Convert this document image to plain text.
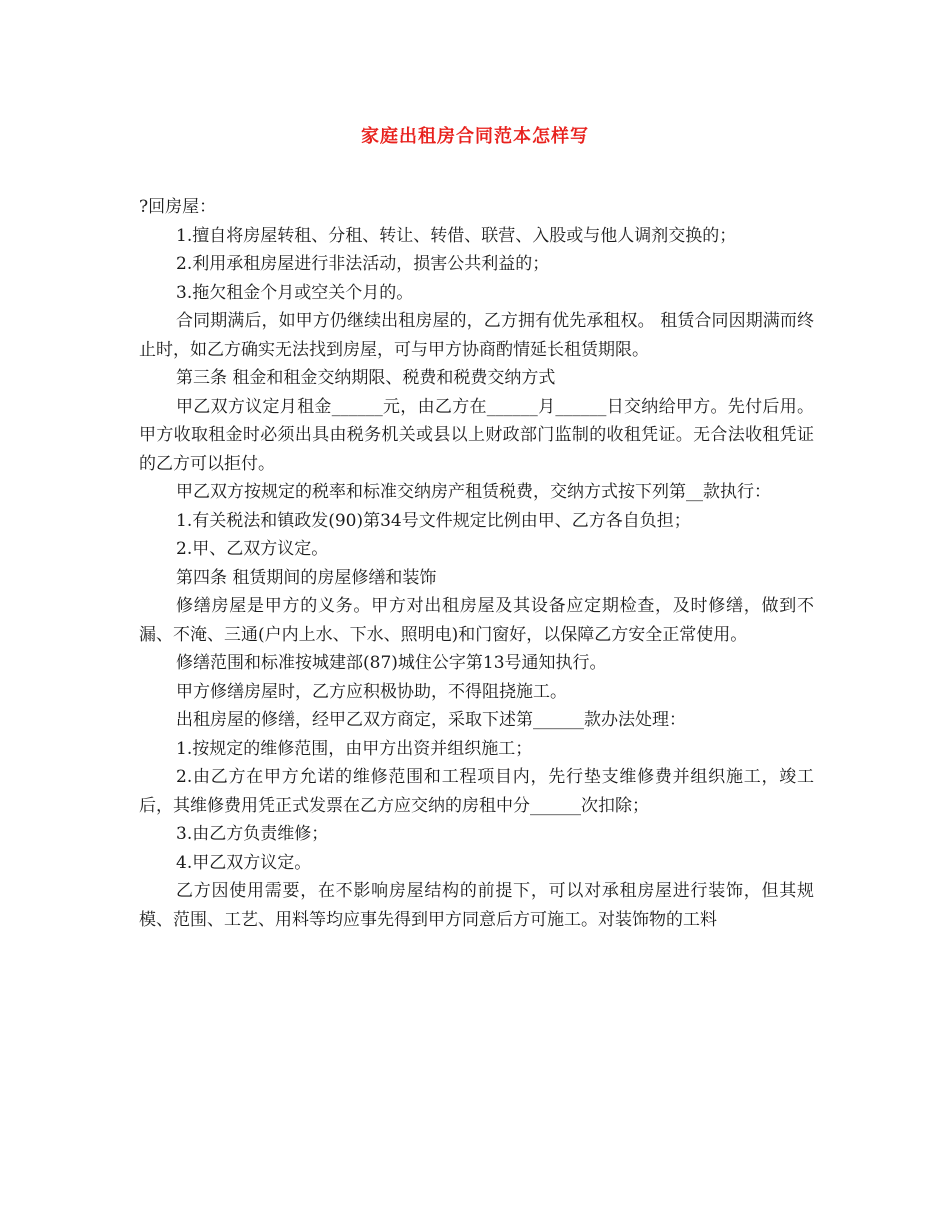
家庭出租房合同范本怎样写

?回房屋：

1.擅自将房屋转租、分租、转让、转借、联营、入股或与他人调剂交换的；

2.利用承租房屋进行非法活动，损害公共利益的；

3.拖欠租金个月或空关个月的。

合同期满后，如甲方仍继续出租房屋的，乙方拥有优先承租权。 租赁合同因期满而终止时，如乙方确实无法找到房屋，可与甲方协商酌情延长租赁期限。

第三条 租金和租金交纳期限、税费和税费交纳方式

甲乙双方议定月租金______元，由乙方在______月______日交纳给甲方。先付后用。甲方收取租金时必须出具由税务机关或县以上财政部门监制的收租凭证。无合法收租凭证的乙方可以拒付。

甲乙双方按规定的税率和标准交纳房产租赁税费，交纳方式按下列第__款执行：

1.有关税法和镇政发(90)第34号文件规定比例由甲、乙方各自负担；

2.甲、乙双方议定。

第四条 租赁期间的房屋修缮和装饰

修缮房屋是甲方的义务。甲方对出租房屋及其设备应定期检查，及时修缮，做到不漏、不淹、三通(户内上水、下水、照明电)和门窗好，以保障乙方安全正常使用。

修缮范围和标准按城建部(87)城住公字第13号通知执行。

甲方修缮房屋时，乙方应积极协助，不得阻挠施工。

出租房屋的修缮，经甲乙双方商定，采取下述第______款办法处理：

1.按规定的维修范围，由甲方出资并组织施工；

2.由乙方在甲方允诺的维修范围和工程项目内，先行垫支维修费并组织施工，竣工后，其维修费用凭正式发票在乙方应交纳的房租中分______次扣除；

3.由乙方负责维修；

4.甲乙双方议定。

乙方因使用需要，在不影响房屋结构的前提下，可以对承租房屋进行装饰，但其规模、范围、工艺、用料等均应事先得到甲方同意后方可施工。对装饰物的工料
